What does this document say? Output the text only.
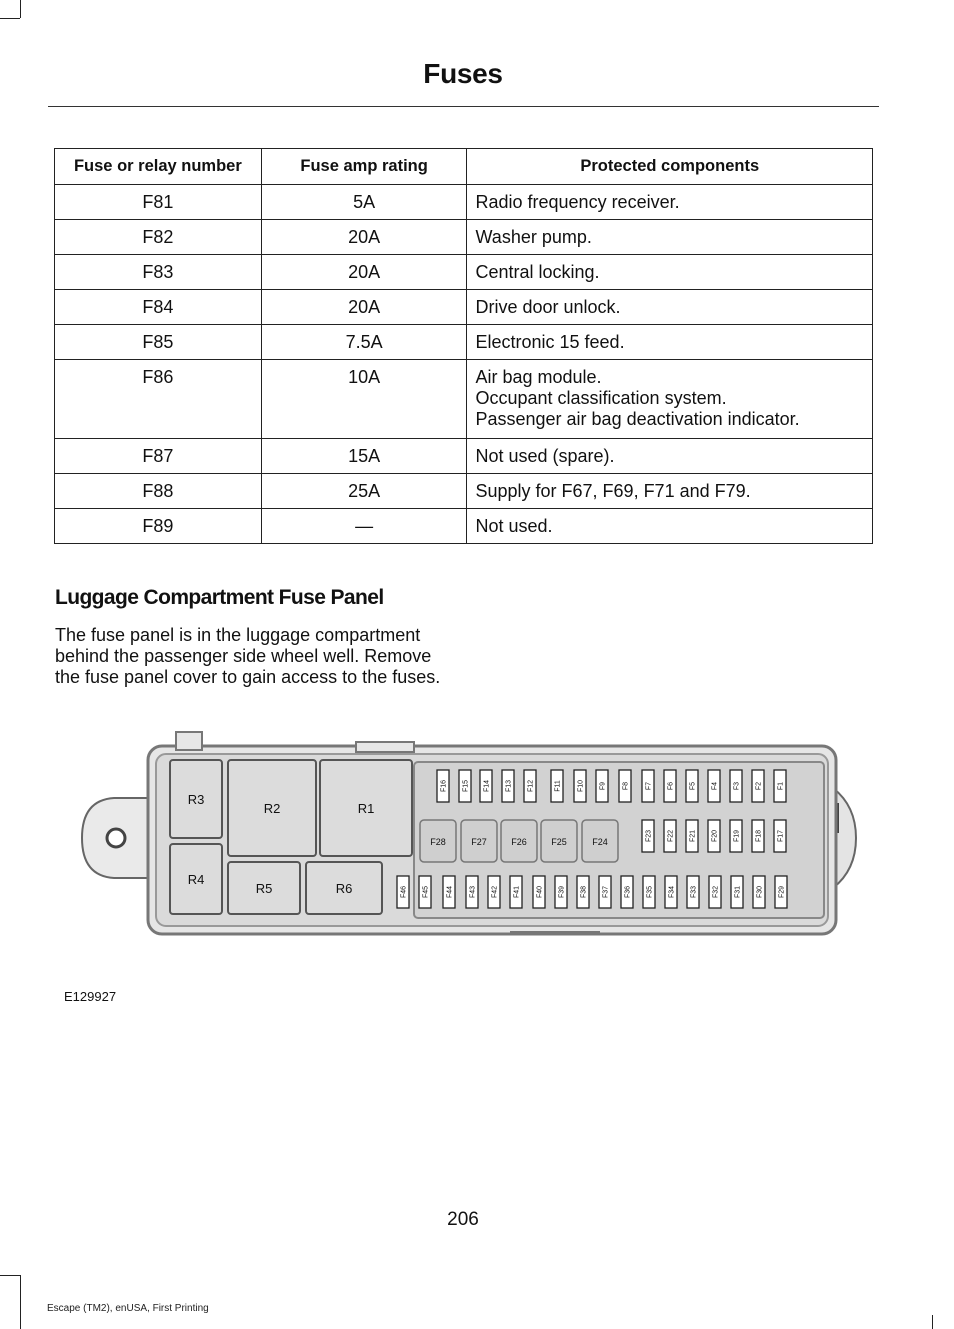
Fuses
Fuse or relay number	Fuse amp rating	Protected components
F81	5A	Radio frequency receiver.

F82	20A	Washer pump.

F83	20A	Central locking.

F84	20A	Drive door unlock.

F85	7.5A	Electronic 15 feed.

F86	10A	Air bag module.
Occupant classification system.
Passenger air bag deactivation indicator.

F87	15A	Not used (spare).

F88	25A	Supply for F67, F69, F71 and F79.

F89	—	Not used.
Luggage Compartment Fuse Panel
The fuse panel is in the luggage compartment behind the passenger side wheel well. Remove the fuse panel cover to gain access to the fuses.
R3
R2	R1
R4
R5	R6
F16 F15 F14 F13 F12	F11 F10 F9 F8 F7 F6 F5 F4 F3 F2 F1
F28	F27	F26	F25	F24	F23 F22 F21 F20 F19 F18 F17
F46 F45 F44 F43 F42 F41 F40 F39 F38 F37 F36 F35 F34 F33 F32 F31 F30 F29
E129927
206
Escape (TM2), enUSA, First Printing
